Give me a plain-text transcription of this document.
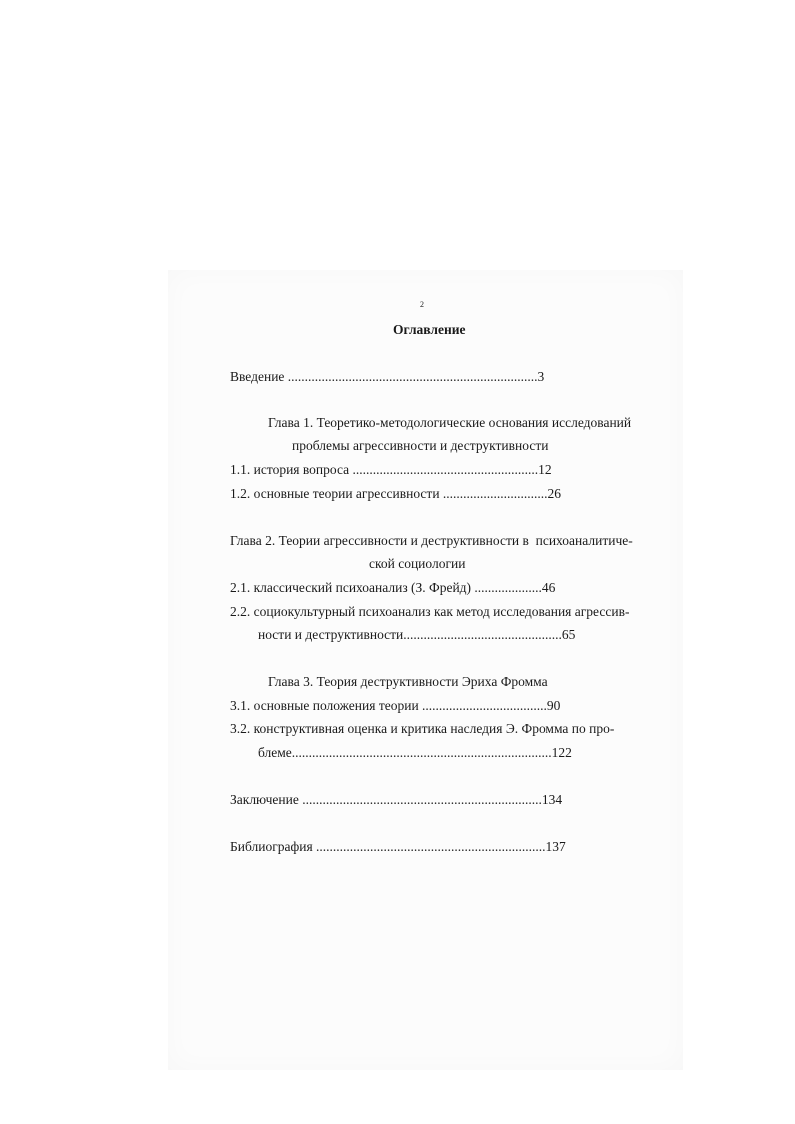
2
Оглавление
Введение ..........................................................................3
Глава 1. Теоретико-методологические основания исследований
проблемы агрессивности и деструктивности
1.1. история вопроса .......................................................12
1.2. основные теории агрессивности ...............................26
Глава 2. Теории агрессивности и деструктивности в  психоаналитиче-
ской социологии
2.1. классический психоанализ (З. Фрейд) ....................46
2.2. социокультурный психоанализ как метод исследования агрессив-
ности и деструктивности...............................................65
Глава 3. Теория деструктивности Эриха Фромма
3.1. основные положения теории .....................................90
3.2. конструктивная оценка и критика наследия Э. Фромма по про-
блеме.............................................................................122
Заключение .......................................................................134
Библиография ....................................................................137
